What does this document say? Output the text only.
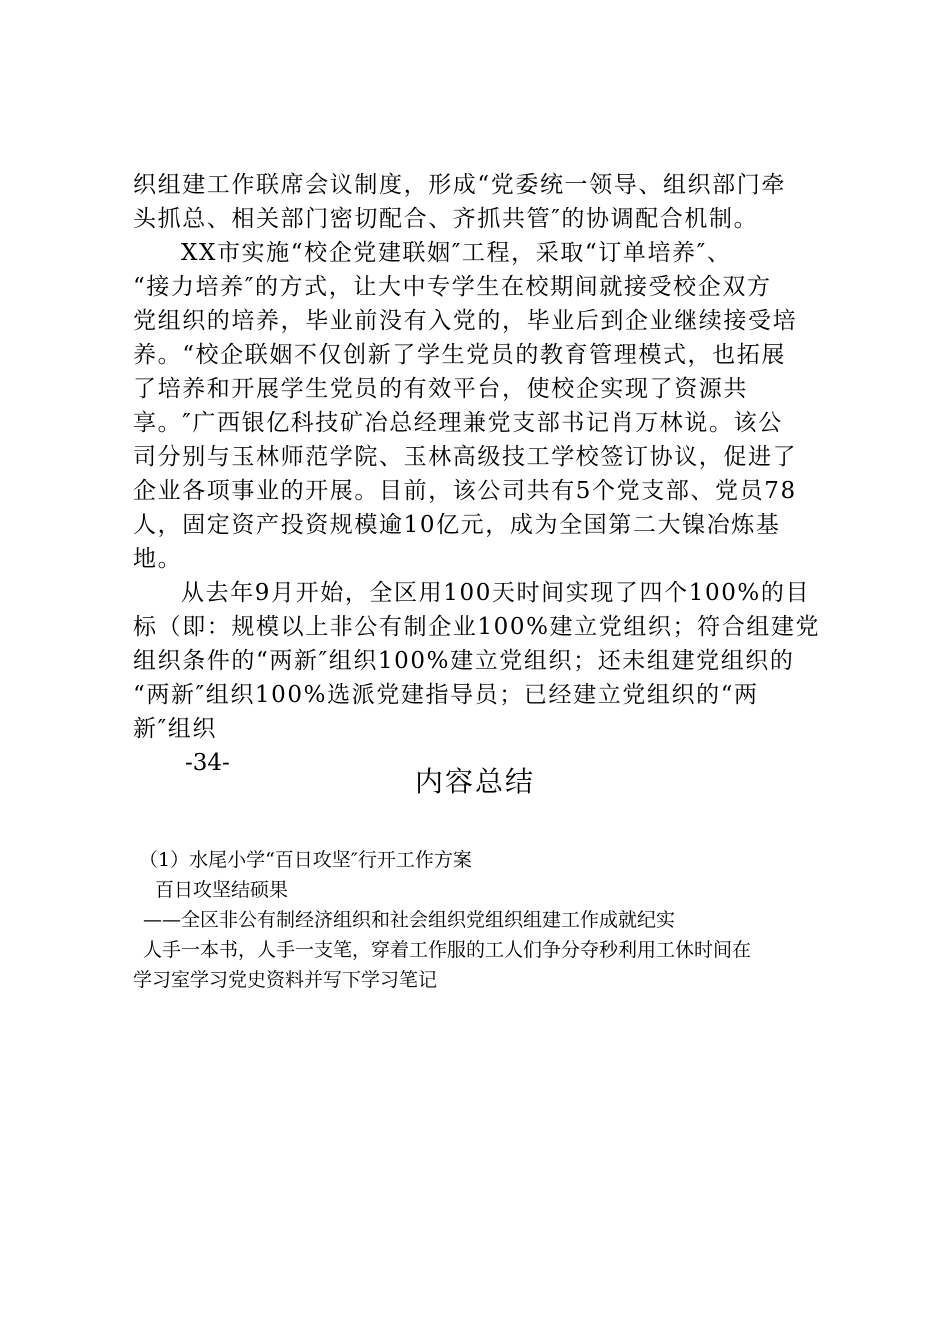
织组建工作联席会议制度，形成“党委统一领导、组织部门牵
头抓总、相关部门密切配合、齐抓共管″的协调配合机制。
XX市实施“校企党建联姻″工程，采取“订单培养″、
“接力培养″的方式，让大中专学生在校期间就接受校企双方
党组织的培养，毕业前没有入党的，毕业后到企业继续接受培
养。“校企联姻不仅创新了学生党员的教育管理模式，也拓展
了培养和开展学生党员的有效平台，使校企实现了资源共
享。″广西银亿科技矿冶总经理兼党支部书记肖万林说。该公
司分别与玉林师范学院、玉林高级技工学校签订协议，促进了
企业各项事业的开展。目前，该公司共有5个党支部、党员78
人，固定资产投资规模逾10亿元，成为全国第二大镍冶炼基
地。
从去年9月开始，全区用100天时间实现了四个100%的目
标（即：规模以上非公有制企业100%建立党组织；符合组建党
组织条件的“两新″组织100%建立党组织；还未组建党组织的
“两新″组织100%选派党建指导员；已经建立党组织的“两
新″组织
-34-
内容总结
（1）水尾小学“百日攻坚″行开工作方案
百日攻坚结硕果
——全区非公有制经济组织和社会组织党组织组建工作成就纪实
人手一本书，人手一支笔，穿着工作服的工人们争分夺秒利用工休时间在
学习室学习党史资料并写下学习笔记
